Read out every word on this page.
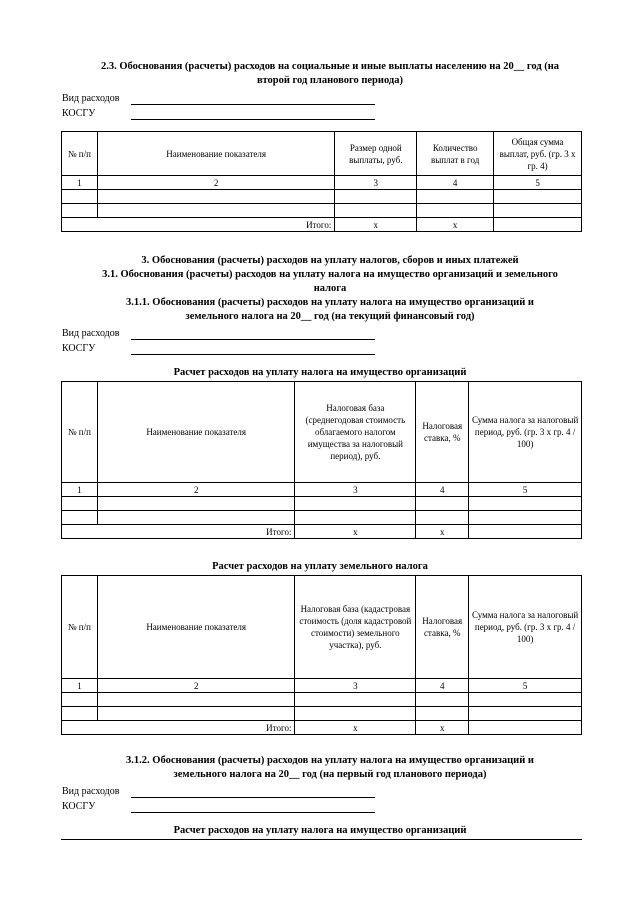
2.3. Обоснования (расчеты) расходов на социальные и иные выплаты населению на 20__ год (на
второй год планового периода)
Вид расходов
КОСГУ
№ п/п	Наименование показателя	Размер одной выплаты, руб.	Количество выплат в год	Общая сумма выплат, руб. (гр. 3 х гр. 4)
1	2	3	4	5

Итого:		х	х	
3. Обоснования (расчеты) расходов на уплату налогов, сборов и иных платежей
3.1. Обоснования (расчеты) расходов на уплату налога на имущество организаций и земельного
налога
3.1.1. Обоснования (расчеты) расходов на уплату налога на имущество организаций и
земельного налога на 20__ год (на текущий финансовый год)
Вид расходов
КОСГУ
Расчет расходов на уплату налога на имущество организаций
№ п/п	Наименование показателя	Налоговая база (среднегодовая стоимость облагаемого налогом имущества за налоговый период), руб.	Налоговая ставка, %	Сумма налога за налоговый период, руб. (гр. 3 х гр. 4 / 100)
1	2	3	4	5

Итого:		х	х	
Расчет расходов на уплату земельного налога
№ п/п	Наименование показателя	Налоговая база (кадастровая стоимость (доля кадастровой стоимости) земельного участка), руб.	Налоговая ставка, %	Сумма налога за налоговый период, руб. (гр. 3 х гр. 4 / 100)
1	2	3	4	5

Итого:		х	х	
3.1.2. Обоснования (расчеты) расходов на уплату налога на имущество организаций и
земельного налога на 20__ год (на первый год планового периода)
Вид расходов
КОСГУ
Расчет расходов на уплату налога на имущество организаций
